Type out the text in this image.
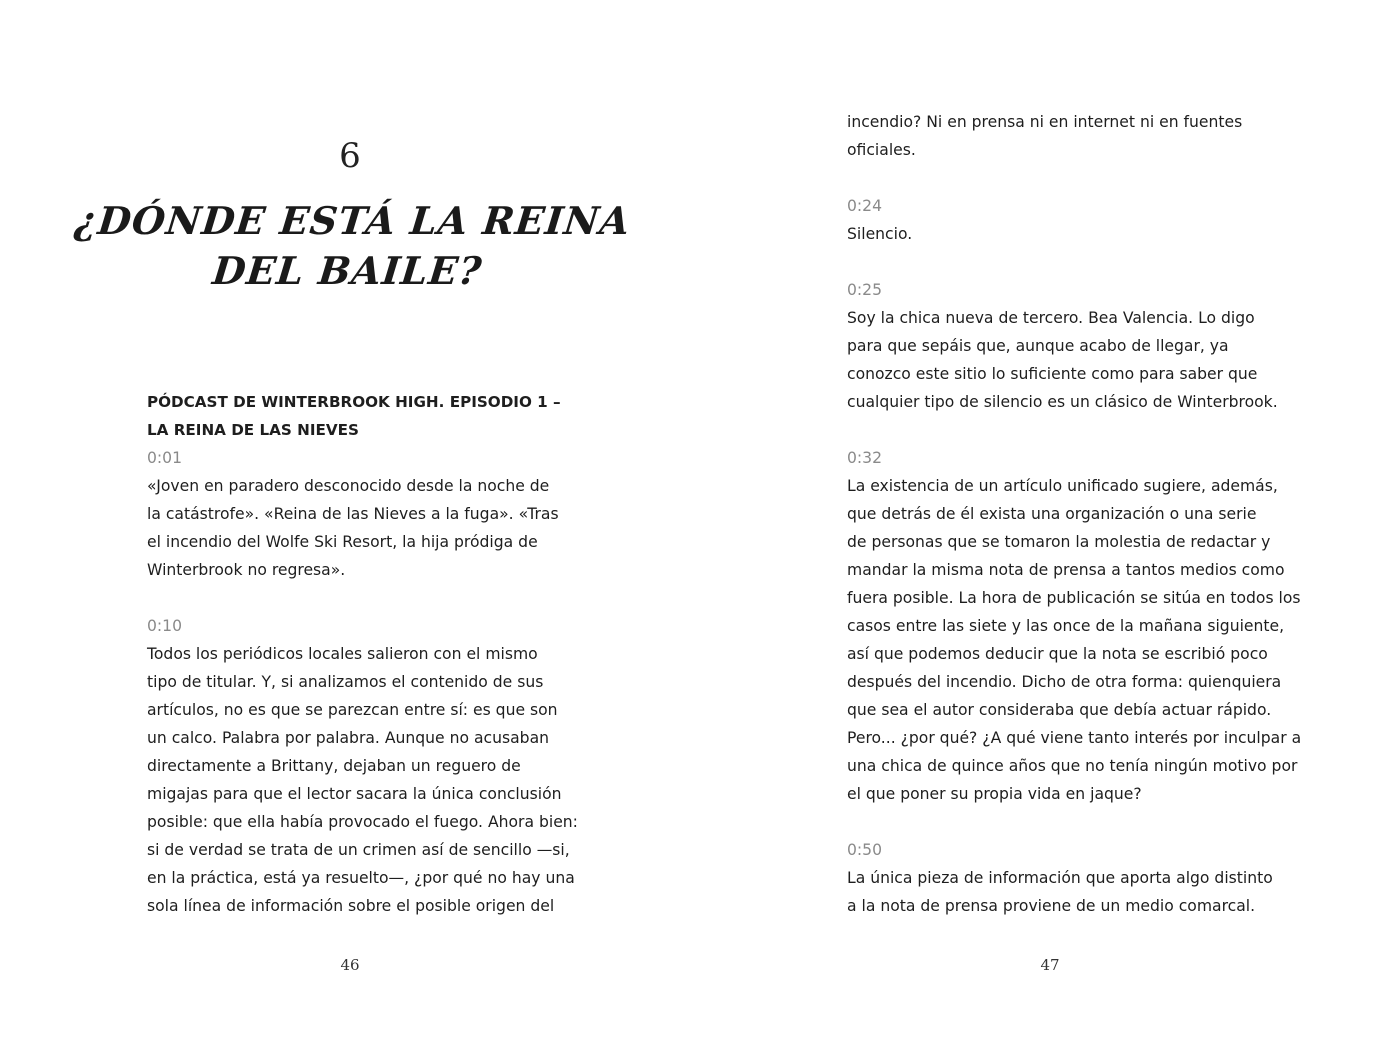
6
¿DÓNDE ESTÁ LA REINA
DEL BAILE?
PÓDCAST DE WINTERBROOK HIGH. EPISODIO 1 –
LA REINA DE LAS NIEVES
0:01

«Joven en paradero desconocido desde la noche de
la catástrofe». «Reina de las Nieves a la fuga». «Tras
el incendio del Wolfe Ski Resort, la hija pródiga de
Winterbrook no regresa».

0:10

Todos los periódicos locales salieron con el mismo
tipo de titular. Y, si analizamos el contenido de sus
artículos, no es que se parezcan entre sí: es que son
un calco. Palabra por palabra. Aunque no acusaban
directamente a Brittany, dejaban un reguero de
migajas para que el lector sacara la única conclusión
posible: que ella había provocado el fuego. Ahora bien:
si de verdad se trata de un crimen así de sencillo —si,
en la práctica, está ya resuelto—, ¿por qué no hay una
sola línea de información sobre el posible origen del

46

incendio? Ni en prensa ni en internet ni en fuentes
oficiales.

0:24

Silencio.

0:25

Soy la chica nueva de tercero. Bea Valencia. Lo digo
para que sepáis que, aunque acabo de llegar, ya
conozco este sitio lo suficiente como para saber que
cualquier tipo de silencio es un clásico de Winterbrook.

0:32

La existencia de un artículo unificado sugiere, además,
que detrás de él exista una organización o una serie
de personas que se tomaron la molestia de redactar y
mandar la misma nota de prensa a tantos medios como
fuera posible. La hora de publicación se sitúa en todos los
casos entre las siete y las once de la mañana siguiente,
así que podemos deducir que la nota se escribió poco
después del incendio. Dicho de otra forma: quienquiera
que sea el autor consideraba que debía actuar rápido.
Pero... ¿por qué? ¿A qué viene tanto interés por inculpar a
una chica de quince años que no tenía ningún motivo por
el que poner su propia vida en jaque?

0:50

La única pieza de información que aporta algo distinto
a la nota de prensa proviene de un medio comarcal.

47
